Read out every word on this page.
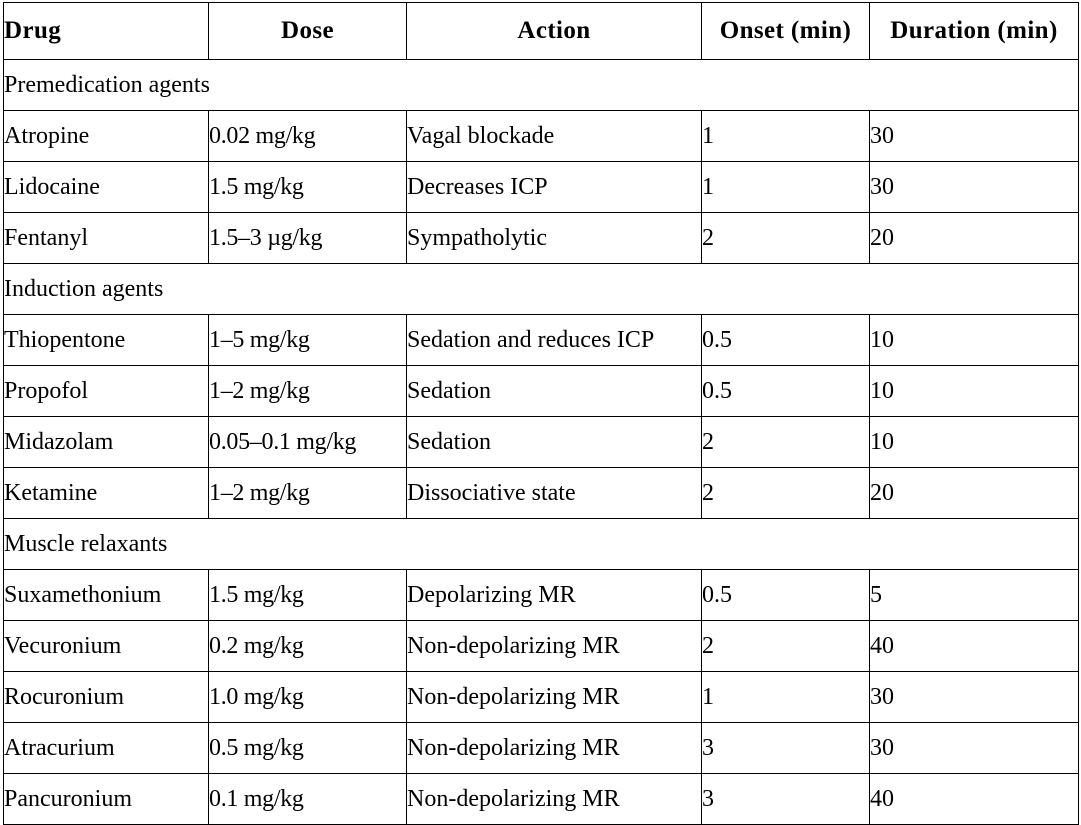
Drug	Dose	Action	Onset (min)	Duration (min)
Premedication agents				
Atropine	0.02 mg/kg	Vagal blockade	1	30
Lidocaine	1.5 mg/kg	Decreases ICP	1	30
Fentanyl	1.5–3 µg/kg	Sympatholytic	2	20
Induction agents				
Thiopentone	1–5 mg/kg	Sedation and reduces ICP	0.5	10
Propofol	1–2 mg/kg	Sedation	0.5	10
Midazolam	0.05–0.1 mg/kg	Sedation	2	10
Ketamine	1–2 mg/kg	Dissociative state	2	20
Muscle relaxants				
Suxamethonium	1.5 mg/kg	Depolarizing MR	0.5	5
Vecuronium	0.2 mg/kg	Non-depolarizing MR	2	40
Rocuronium	1.0 mg/kg	Non-depolarizing MR	1	30
Atracurium	0.5 mg/kg	Non-depolarizing MR	3	30
Pancuronium	0.1 mg/kg	Non-depolarizing MR	3	40
